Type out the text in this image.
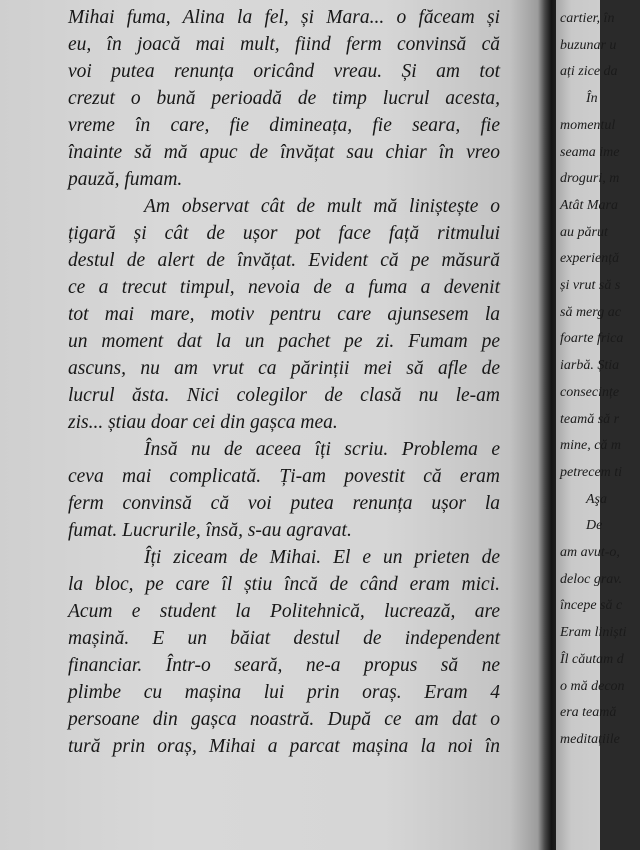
Mihai fuma, Alina la fel, și Mara... o făceam și
eu, în joacă mai mult, fiind ferm convinsă că
voi putea renunța oricând vreau. Și am tot
crezut o bună perioadă de timp lucrul acesta,
vreme în care, fie dimineața, fie seara, fie
înainte să mă apuc de învățat sau chiar în vreo
pauză, fumam.
Am observat cât de mult mă liniștește o
țigară și cât de ușor pot face față ritmului
destul de alert de învățat. Evident că pe măsură
ce a trecut timpul, nevoia de a fuma a devenit
tot mai mare, motiv pentru care ajunsesem la
un moment dat la un pachet pe zi. Fumam pe
ascuns, nu am vrut ca părinții mei să afle de
lucrul ăsta. Nici colegilor de clasă nu le-am
zis... știau doar cei din gașca mea.
Însă nu de aceea îți scriu. Problema e
ceva mai complicată. Ți-am povestit că eram
ferm convinsă că voi putea renunța ușor la
fumat. Lucrurile, însă, s-au agravat.
Îți ziceam de Mihai. El e un prieten de
la bloc, pe care îl știu încă de când eram mici.
Acum e student la Politehnică, lucrează, are
mașină. E un băiat destul de independent
financiar. Într-o seară, ne-a propus să ne
plimbe cu mașina lui prin oraș. Eram 4
persoane din gașca noastră. După ce am dat o
tură prin oraș, Mihai a parcat mașina la noi în
cartier, în
buzunar u
ați zice da
În
momentul
seama ime
droguri, m
Atât Mara
au părut
experiență
și vrut să s
să merg ac
foarte frica
iarbă. Știa
consecințe
teamă să r
mine, că m
petrecem ti
Aşa
De
am avut-o,
deloc grav.
începe să c
Eram liniști
Îl căutam d
o mă decon
era teamă
meditațiile
